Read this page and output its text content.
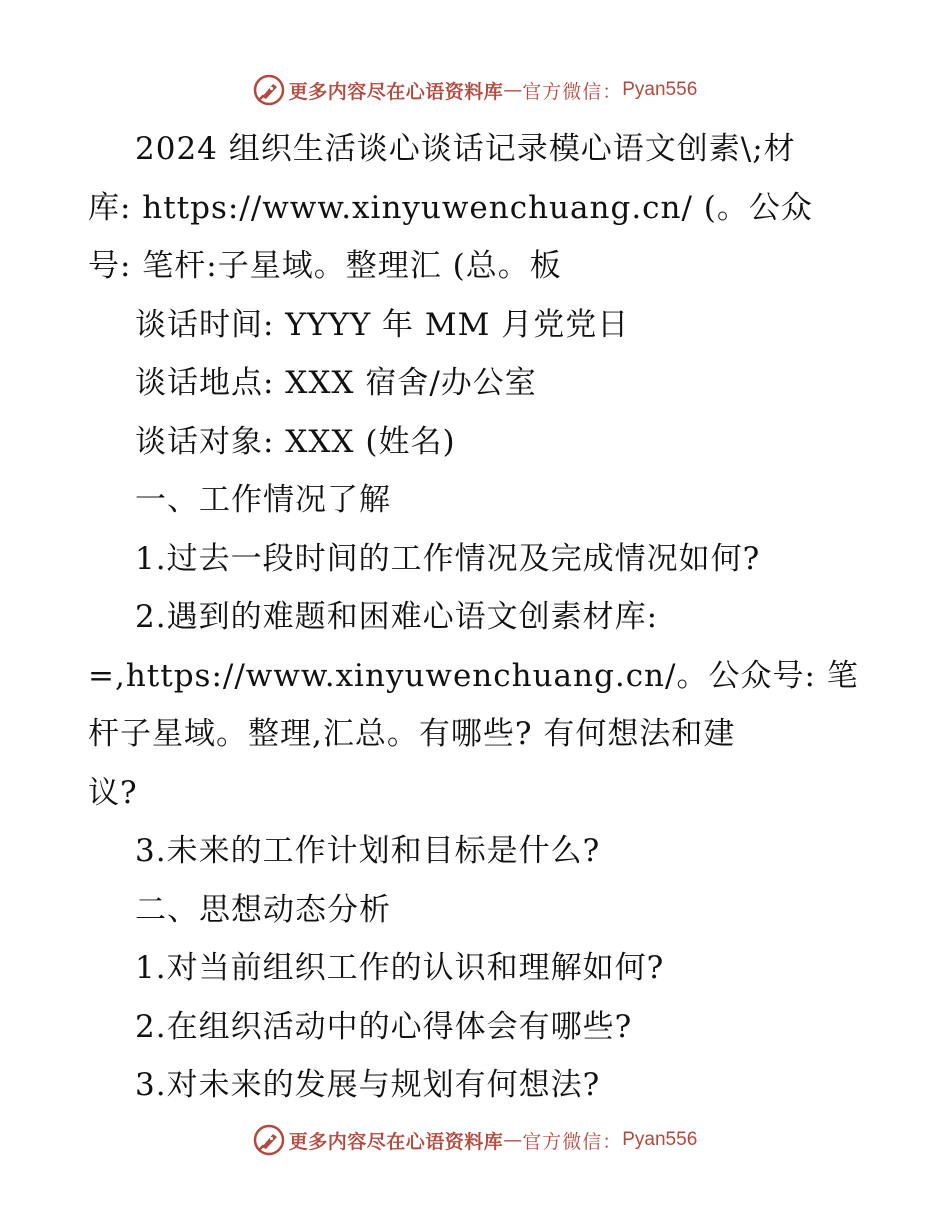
更多内容尽在心语资料库 — 官方微信： Pyan556
2024 组织生活谈心谈话记录模心语文创素\;材
库: https://www.xinyuwenchuang.cn/ (。公众
号: 笔杆:子星域。整理汇 (总。板
谈话时间: YYYY 年 MM 月党党日
谈话地点: XXX 宿舍/办公室
谈话对象: XXX (姓名)
一、工作情况了解
1.过去一段时间的工作情况及完成情况如何?
2.遇到的难题和困难心语文创素材库:
=,https://www.xinyuwenchuang.cn/。公众号: 笔
杆子星域。整理,汇总。有哪些? 有何想法和建
议?
3.未来的工作计划和目标是什么?
二、思想动态分析
1.对当前组织工作的认识和理解如何?
2.在组织活动中的心得体会有哪些?
3.对未来的发展与规划有何想法?
更多内容尽在心语资料库 — 官方微信： Pyan556
